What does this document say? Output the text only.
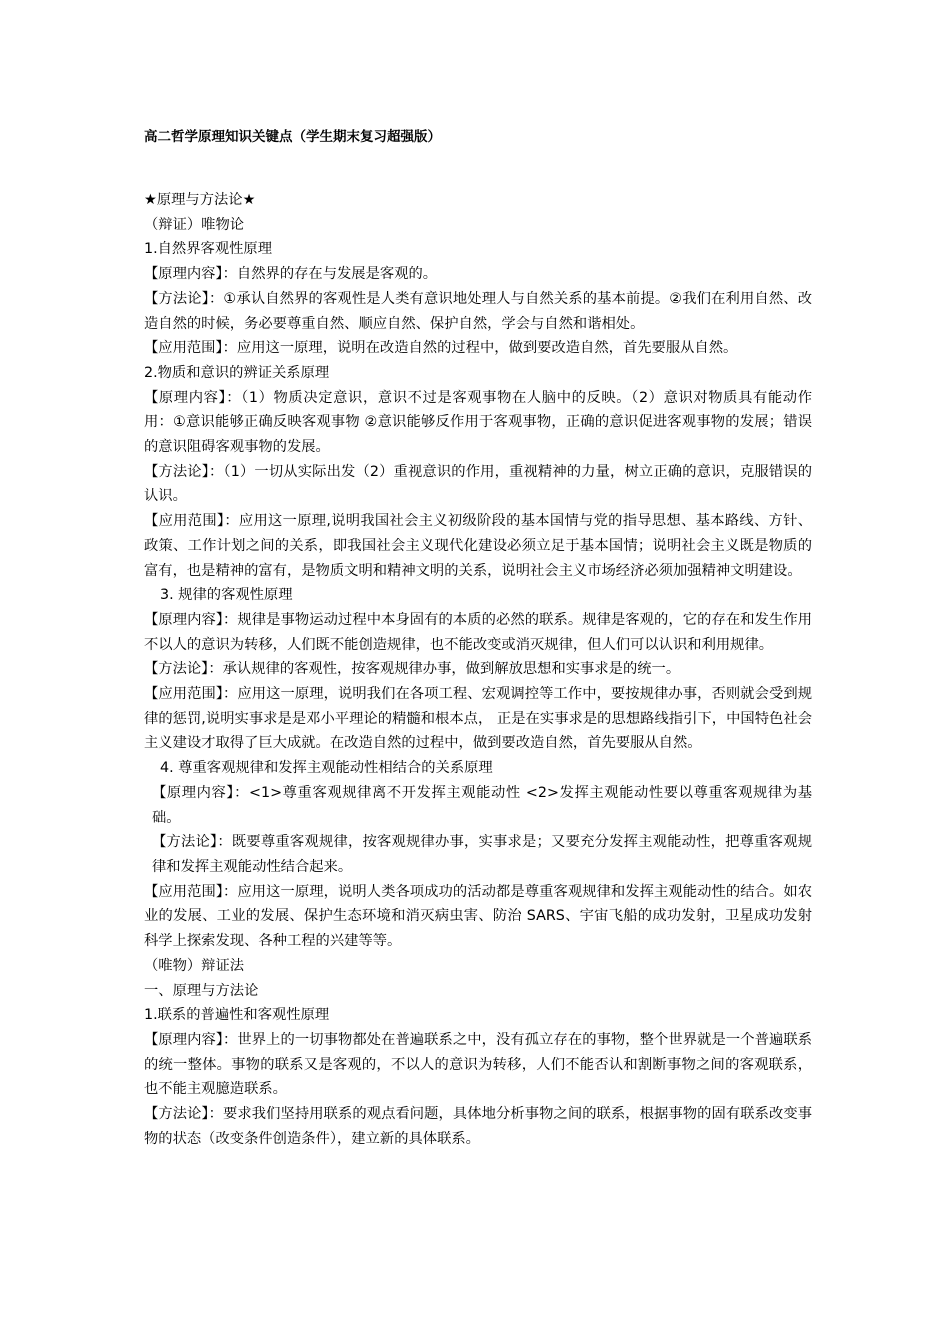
高二哲学原理知识关键点（学生期末复习超强版）
★原理与方法论★
（辩证）唯物论
1.自然界客观性原理
【原理内容】：自然界的存在与发展是客观的。
【方法论】：①承认自然界的客观性是人类有意识地处理人与自然关系的基本前提。②我们在利用自然、改造自然的时候，务必要尊重自然、顺应自然、保护自然，学会与自然和谐相处。
【应用范围】：应用这一原理，说明在改造自然的过程中，做到要改造自然，首先要服从自然。
2.物质和意识的辨证关系原理
【原理内容】：（1）物质决定意识，意识不过是客观事物在人脑中的反映。（2）意识对物质具有能动作用：①意识能够正确反映客观事物 ②意识能够反作用于客观事物，正确的意识促进客观事物的发展；错误的意识阻碍客观事物的发展。
【方法论】：（1）一切从实际出发（2）重视意识的作用，重视精神的力量，树立正确的意识，克服错误的认识。
【应用范围】：应用这一原理,说明我国社会主义初级阶段的基本国情与党的指导思想、基本路线、方针、政策、工作计划之间的关系，即我国社会主义现代化建设必须立足于基本国情；说明社会主义既是物质的富有，也是精神的富有，是物质文明和精神文明的关系，说明社会主义市场经济必须加强精神文明建设。
3. 规律的客观性原理
【原理内容】：规律是事物运动过程中本身固有的本质的必然的联系。规律是客观的，它的存在和发生作用不以人的意识为转移，人们既不能创造规律，也不能改变或消灭规律，但人们可以认识和利用规律。
【方法论】：承认规律的客观性，按客观规律办事，做到解放思想和实事求是的统一。
【应用范围】：应用这一原理，说明我们在各项工程、宏观调控等工作中，要按规律办事，否则就会受到规律的惩罚,说明实事求是是邓小平理论的精髓和根本点， 正是在实事求是的思想路线指引下，中国特色社会主义建设才取得了巨大成就。在改造自然的过程中，做到要改造自然，首先要服从自然。
4. 尊重客观规律和发挥主观能动性相结合的关系原理
【原理内容】：<1>尊重客观规律离不开发挥主观能动性 <2>发挥主观能动性要以尊重客观规律为基础。
【方法论】：既要尊重客观规律，按客观规律办事，实事求是；又要充分发挥主观能动性，把尊重客观规律和发挥主观能动性结合起来。
【应用范围】：应用这一原理，说明人类各项成功的活动都是尊重客观规律和发挥主观能动性的结合。如农业的发展、工业的发展、保护生态环境和消灭病虫害、防治 SARS、宇宙飞船的成功发射，卫星成功发射科学上探索发现、各种工程的兴建等等。
（唯物）辩证法
一、原理与方法论
1.联系的普遍性和客观性原理
【原理内容】：世界上的一切事物都处在普遍联系之中，没有孤立存在的事物，整个世界就是一个普遍联系的统一整体。事物的联系又是客观的，不以人的意识为转移，人们不能否认和割断事物之间的客观联系，也不能主观臆造联系。
【方法论】：要求我们坚持用联系的观点看问题，具体地分析事物之间的联系，根据事物的固有联系改变事物的状态（改变条件创造条件），建立新的具体联系。
